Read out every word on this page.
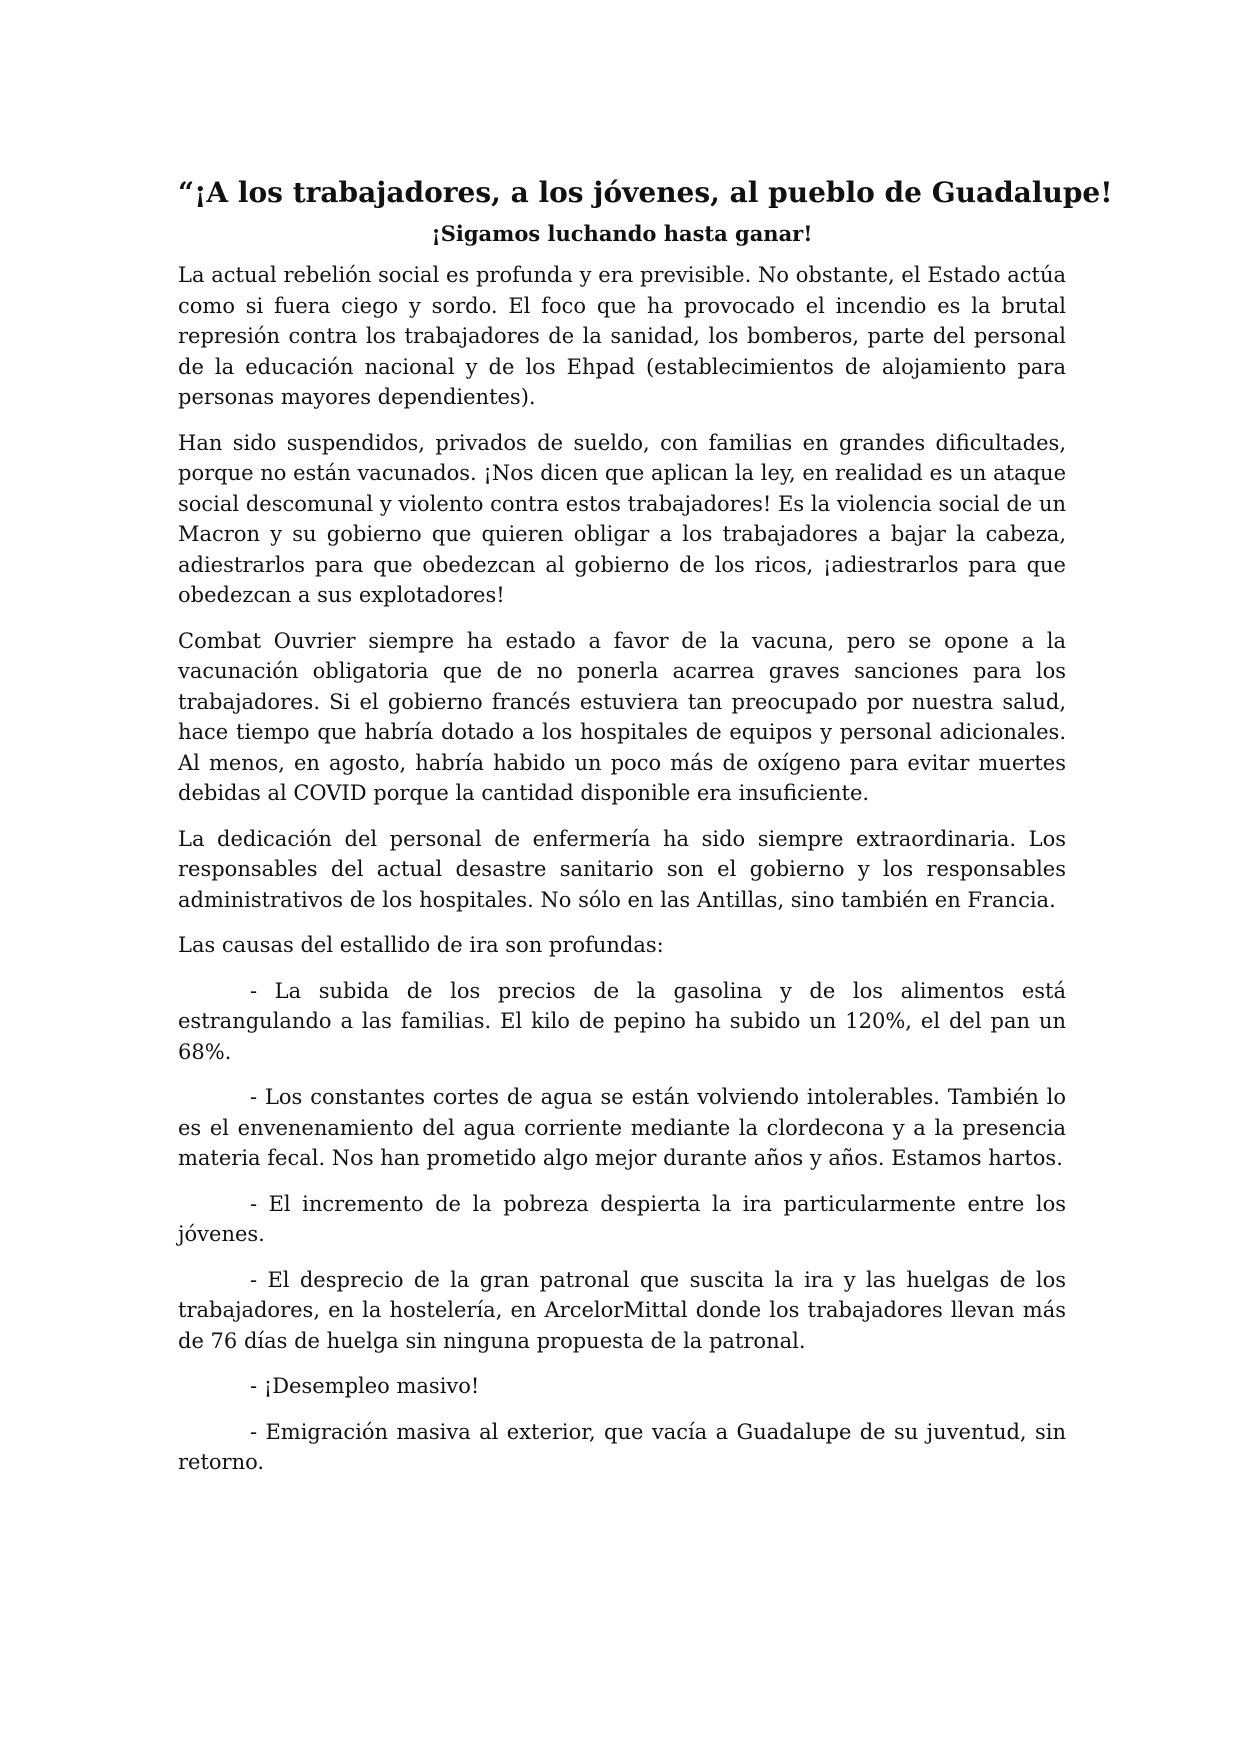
“¡A los trabajadores, a los jóvenes, al pueblo de Guadalupe!
¡Sigamos luchando hasta ganar!

La actual rebelión social es profunda y era previsible. No obstante, el Estado actúa como si fuera ciego y sordo. El foco que ha provocado el incendio es la brutal represión contra los trabajadores de la sanidad, los bomberos, parte del personal de la educación nacional y de los Ehpad (establecimientos de alojamiento para personas mayores dependientes).

Han sido suspendidos, privados de sueldo, con familias en grandes dificultades, porque no están vacunados. ¡Nos dicen que aplican la ley, en realidad es un ataque social descomunal y violento contra estos trabajadores! Es la violencia social de un Macron y su gobierno que quieren obligar a los trabajadores a bajar la cabeza, adiestrarlos para que obedezcan al gobierno de los ricos, ¡adiestrarlos para que obedezcan a sus explotadores!

Combat Ouvrier siempre ha estado a favor de la vacuna, pero se opone a la vacunación obligatoria que de no ponerla acarrea graves sanciones para los trabajadores. Si el gobierno francés estuviera tan preocupado por nuestra salud, hace tiempo que habría dotado a los hospitales de equipos y personal adicionales. Al menos, en agosto, habría habido un poco más de oxígeno para evitar muertes debidas al COVID porque la cantidad disponible era insuficiente.

La dedicación del personal de enfermería ha sido siempre extraordinaria. Los responsables del actual desastre sanitario son el gobierno y los responsables administrativos de los hospitales. No sólo en las Antillas, sino también en Francia.

Las causas del estallido de ira son profundas:

- La subida de los precios de la gasolina y de los alimentos está estrangulando a las familias. El kilo de pepino ha subido un 120%, el del pan un 68%.

- Los constantes cortes de agua se están volviendo intolerables. También lo es el envenenamiento del agua corriente mediante la clordecona y a la presencia materia fecal. Nos han prometido algo mejor durante años y años. Estamos hartos.

- El incremento de la pobreza despierta la ira particularmente entre los jóvenes.

- El desprecio de la gran patronal que suscita la ira y las huelgas de los trabajadores, en la hostelería, en ArcelorMittal donde los trabajadores llevan más de 76 días de huelga sin ninguna propuesta de la patronal.

- ¡Desempleo masivo!

- Emigración masiva al exterior, que vacía a Guadalupe de su juventud, sin retorno.
